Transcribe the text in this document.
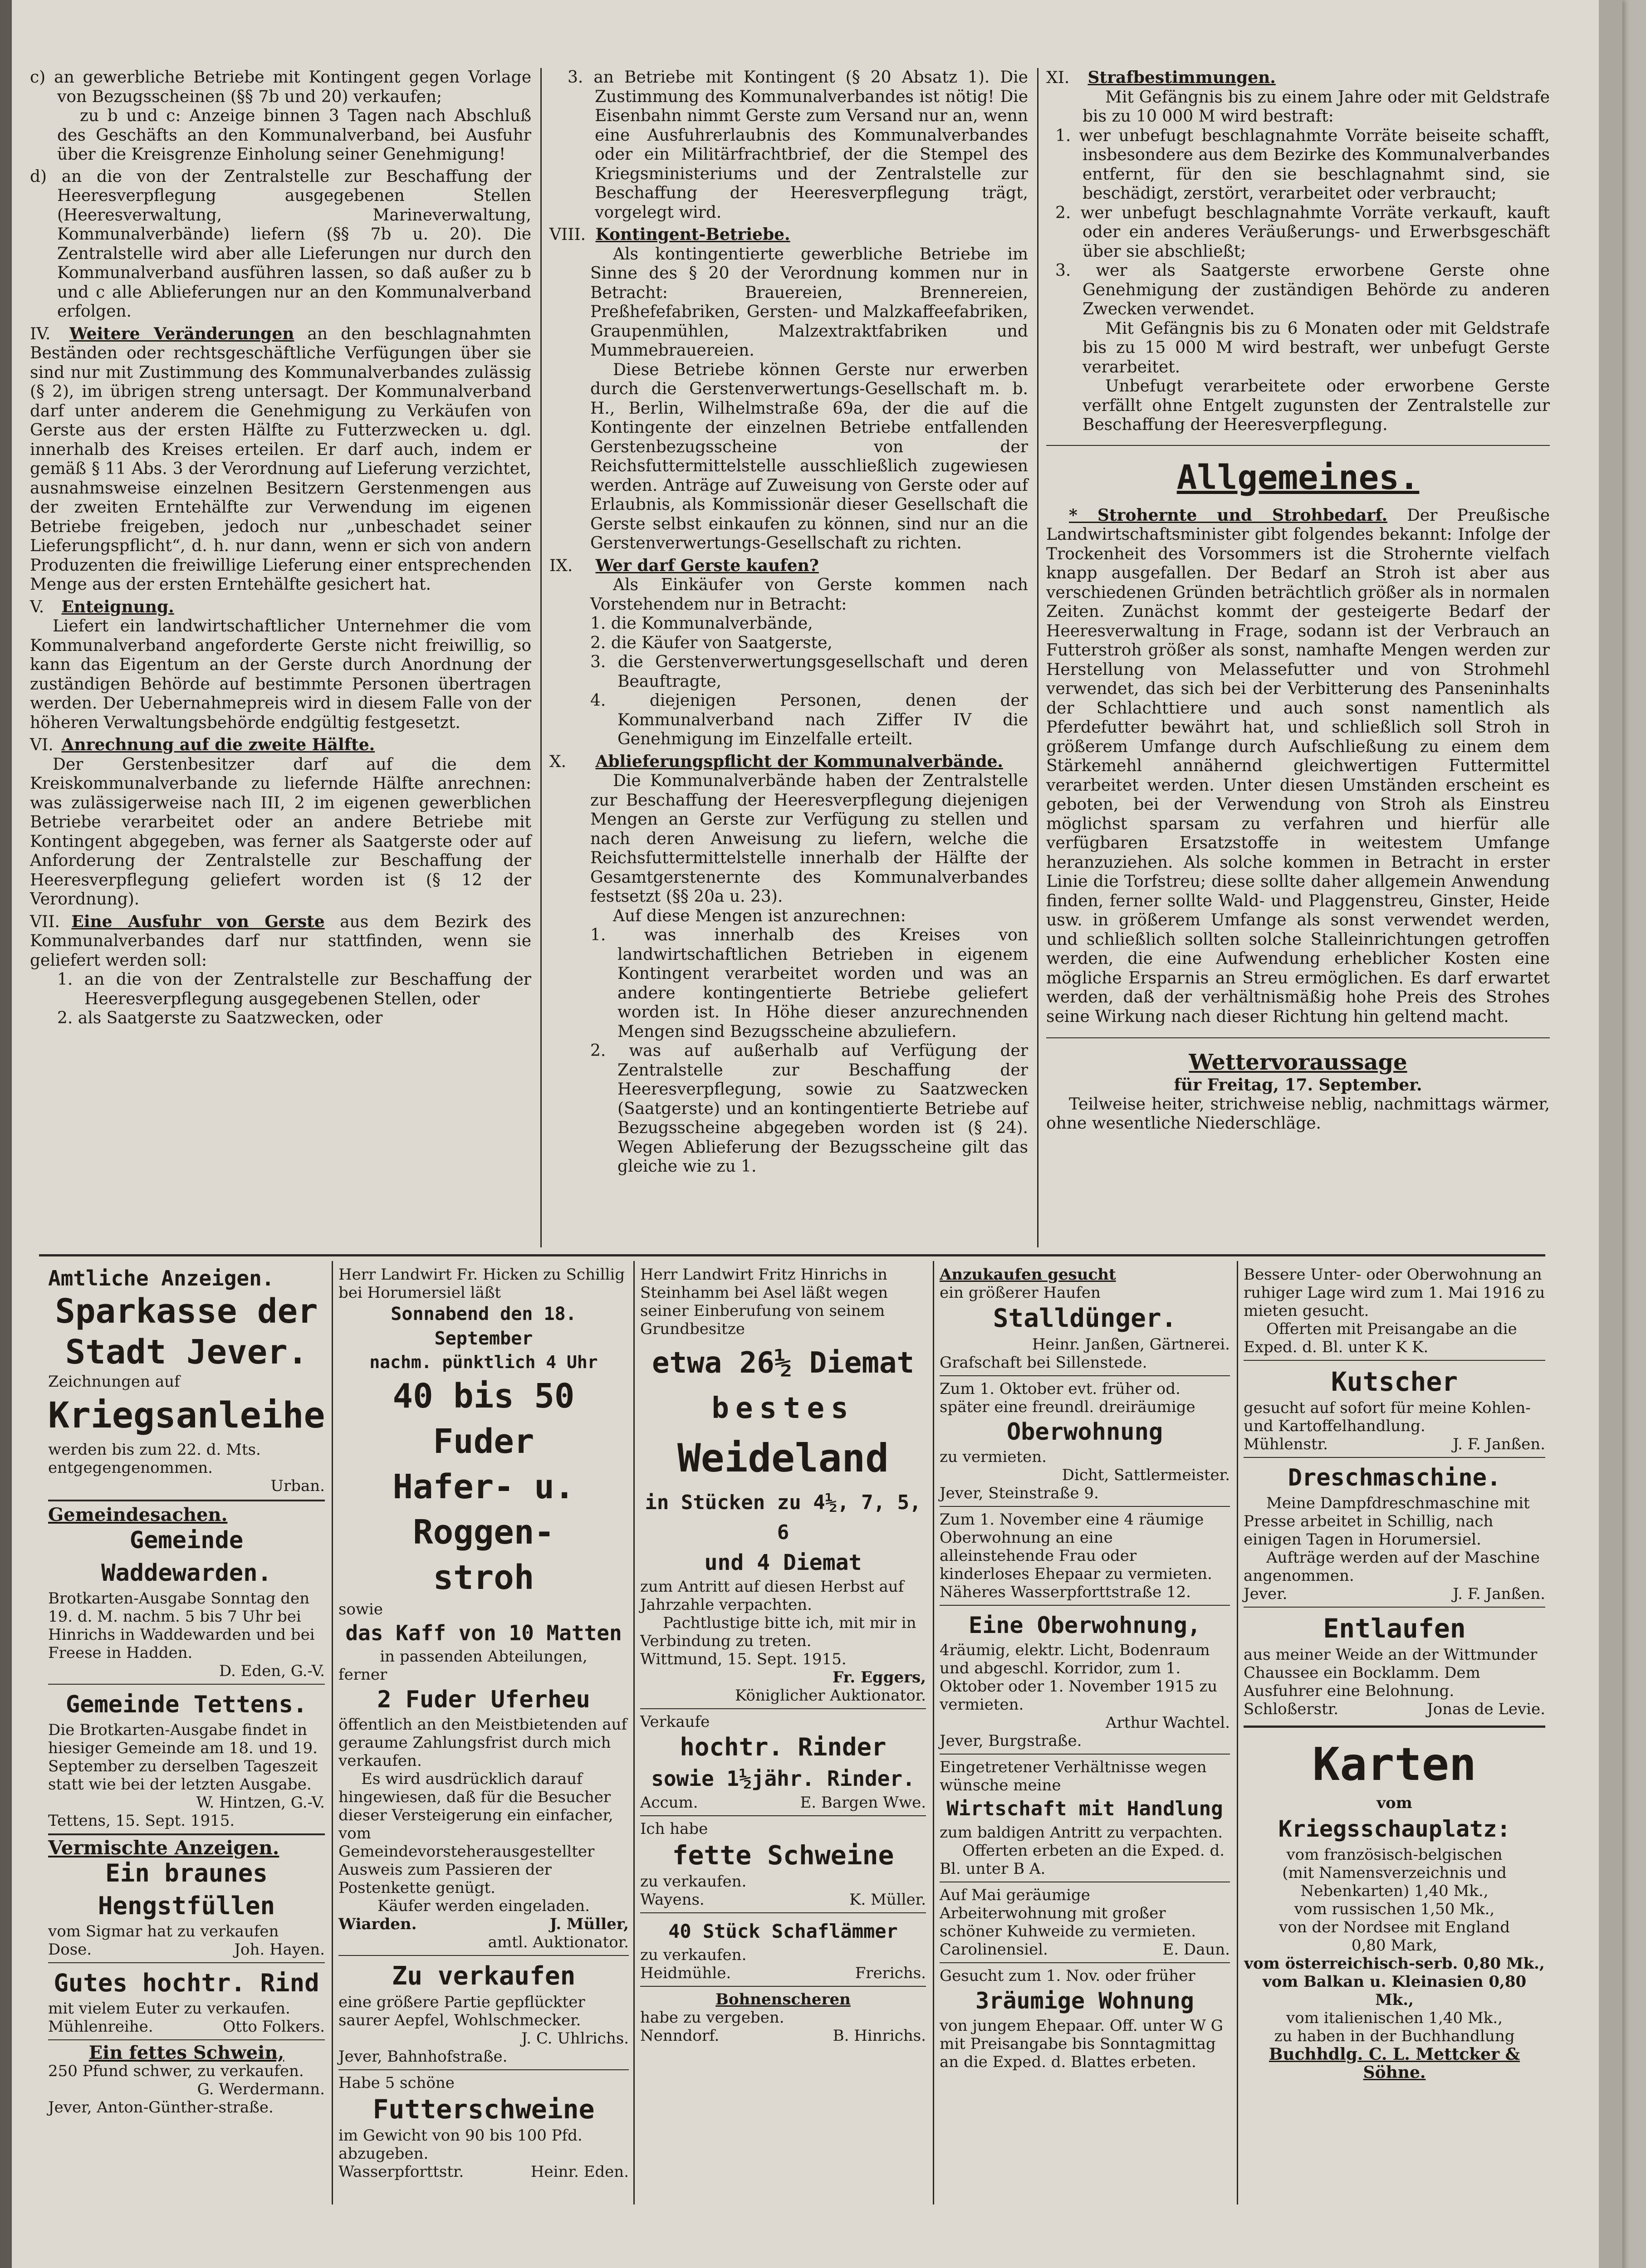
c) an gewerbliche Betriebe mit Kontingent gegen Vorlage von Bezugsscheinen (§§ 7b und 20) verkaufen;

zu b und c: Anzeige binnen 3 Tagen nach Abschluß des Geschäfts an den Kommunalverband, bei Ausfuhr über die Kreisgrenze Einholung seiner Genehmigung!

d) an die von der Zentralstelle zur Beschaffung der Heeresverpflegung ausgegebenen Stellen (Heeresverwaltung, Marineverwaltung, Kommunalverbände) liefern (§§ 7b u. 20). Die Zentralstelle wird aber alle Lieferungen nur durch den Kommunalverband ausführen lassen, so daß außer zu b und c alle Ablieferungen nur an den Kommunalverband erfolgen.

IV. Weitere Veränderungen an den beschlagnahmten Beständen oder rechtsgeschäftliche Verfügungen über sie sind nur mit Zustimmung des Kommunalverbandes zulässig (§ 2), im übrigen streng untersagt. Der Kommunalverband darf unter anderem die Genehmigung zu Verkäufen von Gerste aus der ersten Hälfte zu Futterzwecken u. dgl. innerhalb des Kreises erteilen. Er darf auch, indem er gemäß § 11 Abs. 3 der Verordnung auf Lieferung verzichtet, ausnahmsweise einzelnen Besitzern Gerstenmengen aus der zweiten Erntehälfte zur Verwendung im eigenen Betriebe freigeben, jedoch nur „unbeschadet seiner Lieferungspflicht“, d. h. nur dann, wenn er sich von andern Produzenten die freiwillige Lieferung einer entsprechenden Menge aus der ersten Erntehälfte gesichert hat.

V. Enteignung.

Liefert ein landwirtschaftlicher Unternehmer die vom Kommunalverband angeforderte Gerste nicht freiwillig, so kann das Eigentum an der Gerste durch Anordnung der zuständigen Behörde auf bestimmte Personen übertragen werden. Der Uebernahmepreis wird in diesem Falle von der höheren Verwaltungsbehörde endgültig festgesetzt.

VI. Anrechnung auf die zweite Hälfte.

Der Gerstenbesitzer darf auf die dem Kreiskommunalverbande zu liefernde Hälfte anrechnen: was zulässigerweise nach III, 2 im eigenen gewerblichen Betriebe verarbeitet oder an andere Betriebe mit Kontingent abgegeben, was ferner als Saatgerste oder auf Anforderung der Zentralstelle zur Beschaffung der Heeresverpflegung geliefert worden ist (§ 12 der Verordnung).

VII. Eine Ausfuhr von Gerste aus dem Bezirk des Kommunalverbandes darf nur stattfinden, wenn sie geliefert werden soll:

1. an die von der Zentralstelle zur Beschaffung der Heeresverpflegung ausgegebenen Stellen, oder

2. als Saatgerste zu Saatzwecken, oder

3. an Betriebe mit Kontingent (§ 20 Absatz 1). Die Zustimmung des Kommunalverbandes ist nötig! Die Eisenbahn nimmt Gerste zum Versand nur an, wenn eine Ausfuhrerlaubnis des Kommunalverbandes oder ein Militärfrachtbrief, der die Stempel des Kriegsministeriums und der Zentralstelle zur Beschaffung der Heeresverpflegung trägt, vorgelegt wird.

VIII. Kontingent-Betriebe.

Als kontingentierte gewerbliche Betriebe im Sinne des § 20 der Verordnung kommen nur in Betracht: Brauereien, Brennereien, Preßhefefabriken, Gersten- und Malzkaffeefabriken, Graupenmühlen, Malzextraktfabriken und Mummebrauereien.

Diese Betriebe können Gerste nur erwerben durch die Gerstenverwertungs-Gesellschaft m. b. H., Berlin, Wilhelmstraße 69a, der die auf die Kontingente der einzelnen Betriebe entfallenden Gerstenbezugsscheine von der Reichsfuttermittelstelle ausschließlich zugewiesen werden. Anträge auf Zuweisung von Gerste oder auf Erlaubnis, als Kommissionär dieser Gesellschaft die Gerste selbst einkaufen zu können, sind nur an die Gerstenverwertungs-Gesellschaft zu richten.

IX. Wer darf Gerste kaufen?

Als Einkäufer von Gerste kommen nach Vorstehendem nur in Betracht:

1. die Kommunalverbände,

2. die Käufer von Saatgerste,

3. die Gerstenverwertungsgesellschaft und deren Beauftragte,

4. diejenigen Personen, denen der Kommunalverband nach Ziffer IV die Genehmigung im Einzelfalle erteilt.

X. Ablieferungspflicht der Kommunalverbände.

Die Kommunalverbände haben der Zentralstelle zur Beschaffung der Heeresverpflegung diejenigen Mengen an Gerste zur Verfügung zu stellen und nach deren Anweisung zu liefern, welche die Reichsfuttermittelstelle innerhalb der Hälfte der Gesamtgerstenernte des Kommunalverbandes festsetzt (§§ 20a u. 23).

Auf diese Mengen ist anzurechnen:

1. was innerhalb des Kreises von landwirtschaftlichen Betrieben in eigenem Kontingent verarbeitet worden und was an andere kontingentierte Betriebe geliefert worden ist. In Höhe dieser anzurechnenden Mengen sind Bezugsscheine abzuliefern.

2. was auf außerhalb auf Verfügung der Zentralstelle zur Beschaffung der Heeresverpflegung, sowie zu Saatzwecken (Saatgerste) und an kontingentierte Betriebe auf Bezugsscheine abgegeben worden ist (§ 24). Wegen Ablieferung der Bezugsscheine gilt das gleiche wie zu 1.

XI. Strafbestimmungen.

Mit Gefängnis bis zu einem Jahre oder mit Geldstrafe bis zu 10 000 M wird bestraft:

1. wer unbefugt beschlagnahmte Vorräte beiseite schafft, insbesondere aus dem Bezirke des Kommunalverbandes entfernt, für den sie beschlagnahmt sind, sie beschädigt, zerstört, verarbeitet oder verbraucht;

2. wer unbefugt beschlagnahmte Vorräte verkauft, kauft oder ein anderes Veräußerungs- und Erwerbsgeschäft über sie abschließt;

3. wer als Saatgerste erworbene Gerste ohne Genehmigung der zuständigen Behörde zu anderen Zwecken verwendet.

Mit Gefängnis bis zu 6 Monaten oder mit Geldstrafe bis zu 15 000 M wird bestraft, wer unbefugt Gerste verarbeitet.

Unbefugt verarbeitete oder erworbene Gerste verfällt ohne Entgelt zugunsten der Zentralstelle zur Beschaffung der Heeresverpflegung.

Allgemeines.

* Strohernte und Strohbedarf. Der Preußische Landwirtschaftsminister gibt folgendes bekannt: Infolge der Trockenheit des Vorsommers ist die Strohernte vielfach knapp ausgefallen. Der Bedarf an Stroh ist aber aus verschiedenen Gründen beträchtlich größer als in normalen Zeiten. Zunächst kommt der gesteigerte Bedarf der Heeresverwaltung in Frage, sodann ist der Verbrauch an Futterstroh größer als sonst, namhafte Mengen werden zur Herstellung von Melassefutter und von Strohmehl verwendet, das sich bei der Verbitterung des Panseninhalts der Schlachttiere und auch sonst namentlich als Pferdefutter bewährt hat, und schließlich soll Stroh in größerem Umfange durch Aufschließung zu einem dem Stärkemehl annähernd gleichwertigen Futtermittel verarbeitet werden. Unter diesen Umständen erscheint es geboten, bei der Verwendung von Stroh als Einstreu möglichst sparsam zu verfahren und hierfür alle verfügbaren Ersatzstoffe in weitestem Umfange heranzuziehen. Als solche kommen in Betracht in erster Linie die Torfstreu; diese sollte daher allgemein Anwendung finden, ferner sollte Wald- und Plaggenstreu, Ginster, Heide usw. in größerem Umfange als sonst verwendet werden, und schließlich sollten solche Stalleinrichtungen getroffen werden, die eine Aufwendung erheblicher Kosten eine mögliche Ersparnis an Streu ermöglichen. Es darf erwartet werden, daß der verhältnismäßig hohe Preis des Strohes seine Wirkung nach dieser Richtung hin geltend macht.

Wettervoraussage

für Freitag, 17. September.

Teilweise heiter, strichweise neblig, nachmittags wärmer, ohne wesentliche Niederschläge.

Amtliche Anzeigen.
Sparkasse der
Stadt Jever.
Zeichnungen auf
Kriegsanleihe
werden bis zum 22. d. Mts. entgegengenommen.
Urban.
Gemeindesachen.
Gemeinde Waddewarden.
Brotkarten-Ausgabe Sonntag den 19. d. M. nachm. 5 bis 7 Uhr bei Hinrichs in Waddewarden und bei Freese in Hadden.
D. Eden, G.-V.
Gemeinde Tettens.
Die Brotkarten-Ausgabe findet in hiesiger Gemeinde am 18. und 19. September zu derselben Tageszeit statt wie bei der letzten Ausgabe.
W. Hintzen, G.-V.
Tettens, 15. Sept. 1915.
Vermischte Anzeigen.
Ein braunes Hengstfüllen
vom Sigmar hat zu verkaufen
Dose.	Joh. Hayen.
Gutes hochtr. Rind
mit vielem Euter zu verkaufen.
Mühlenreihe.	Otto Folkers.
Ein fettes Schwein,
250 Pfund schwer, zu verkaufen.
G. Werdermann.
Jever, Anton-Günther-straße.
Herr Landwirt Fr. Hicken zu Schillig bei Horumersiel läßt
Sonnabend den 18. September
nachm. pünktlich 4 Uhr
40 bis 50 Fuder
Hafer- u. Roggen-
stroh
sowie
das Kaff von 10 Matten
in passenden Abteilungen,
ferner
2 Fuder Uferheu
öffentlich an den Meistbietenden auf geraume Zahlungsfrist durch mich verkaufen.
Es wird ausdrücklich darauf hingewiesen, daß für die Besucher dieser Versteigerung ein einfacher, vom Gemeindevorsteherausgestellter Ausweis zum Passieren der Postenkette genügt.
Käufer werden eingeladen.
Wiarden.	J. Müller,
amtl. Auktionator.
Zu verkaufen
eine größere Partie gepflückter saurer Aepfel, Wohlschmecker.
J. C. Uhlrichs.
Jever, Bahnhofstraße.
Habe 5 schöne
Futterschweine
im Gewicht von 90 bis 100 Pfd. abzugeben.
Wasserpforttstr.	Heinr. Eden.
Herr Landwirt Fritz Hinrichs in Steinhamm bei Asel läßt wegen seiner Einberufung von seinem Grundbesitze
etwa 26½ Diemat
bestes
Weideland
in Stücken zu 4½, 7, 5, 6
und 4 Diemat
zum Antritt auf diesen Herbst auf Jahrzahle verpachten.
Pachtlustige bitte ich, mit mir in Verbindung zu treten.
Wittmund, 15. Sept. 1915.
Fr. Eggers,
Königlicher Auktionator.
Verkaufe
hochtr. Rinder
sowie 1½jähr. Rinder.
Accum.	E. Bargen Wwe.
Ich habe
fette Schweine
zu verkaufen.
Wayens.	K. Müller.
40 Stück Schaflämmer
zu verkaufen.
Heidmühle.	Frerichs.
Bohnenscheren
habe zu vergeben.
Nenndorf.	B. Hinrichs.
Anzukaufen gesucht
ein größerer Haufen
Stalldünger.
Heinr. Janßen, Gärtnerei.
Grafschaft bei Sillenstede.
Zum 1. Oktober evt. früher od. später eine freundl. dreiräumige
Oberwohnung
zu vermieten.
Dicht, Sattlermeister.
Jever, Steinstraße 9.
Zum 1. November eine 4 räumige Oberwohnung an eine alleinstehende Frau oder kinderloses Ehepaar zu vermieten.
Näheres Wasserpforttstraße 12.
Eine Oberwohnung,
4räumig, elektr. Licht, Bodenraum und abgeschl. Korridor, zum 1. Oktober oder 1. November 1915 zu vermieten.
Arthur Wachtel.
Jever, Burgstraße.
Eingetretener Verhältnisse wegen wünsche meine
Wirtschaft mit Handlung
zum baldigen Antritt zu verpachten.
Offerten erbeten an die Exped. d. Bl. unter B A.
Auf Mai geräumige Arbeiterwohnung mit großer schöner Kuhweide zu vermieten.
Carolinensiel.	E. Daun.
Gesucht zum 1. Nov. oder früher
3räumige Wohnung
von jungem Ehepaar. Off. unter W G mit Preisangabe bis Sonntagmittag an die Exped. d. Blattes erbeten.
Bessere Unter- oder Oberwohnung an ruhiger Lage wird zum 1. Mai 1916 zu mieten gesucht.
Offerten mit Preisangabe an die Exped. d. Bl. unter K K.
Kutscher
gesucht auf sofort für meine Kohlen- und Kartoffelhandlung.
Mühlenstr.	J. F. Janßen.
Dreschmaschine.
Meine Dampfdreschmaschine mit Presse arbeitet in Schillig, nach einigen Tagen in Horumersiel.
Aufträge werden auf der Maschine angenommen.
Jever.	J. F. Janßen.
Entlaufen
aus meiner Weide an der Wittmunder Chaussee ein Bocklamm. Dem Ausfuhrer eine Belohnung.
Schloßerstr.	Jonas de Levie.
Karten
vom
Kriegsschauplatz:
vom französisch-belgischen
(mit Namensverzeichnis und Nebenkarten) 1,40 Mk.,
vom russischen 1,50 Mk.,
von der Nordsee mit England
0,80 Mark,
vom österreichisch-serb. 0,80 Mk.,
vom Balkan u. Kleinasien 0,80 Mk.,
vom italienischen 1,40 Mk.,
zu haben in der Buchhandlung
Buchhdlg. C. L. Mettcker & Söhne.
